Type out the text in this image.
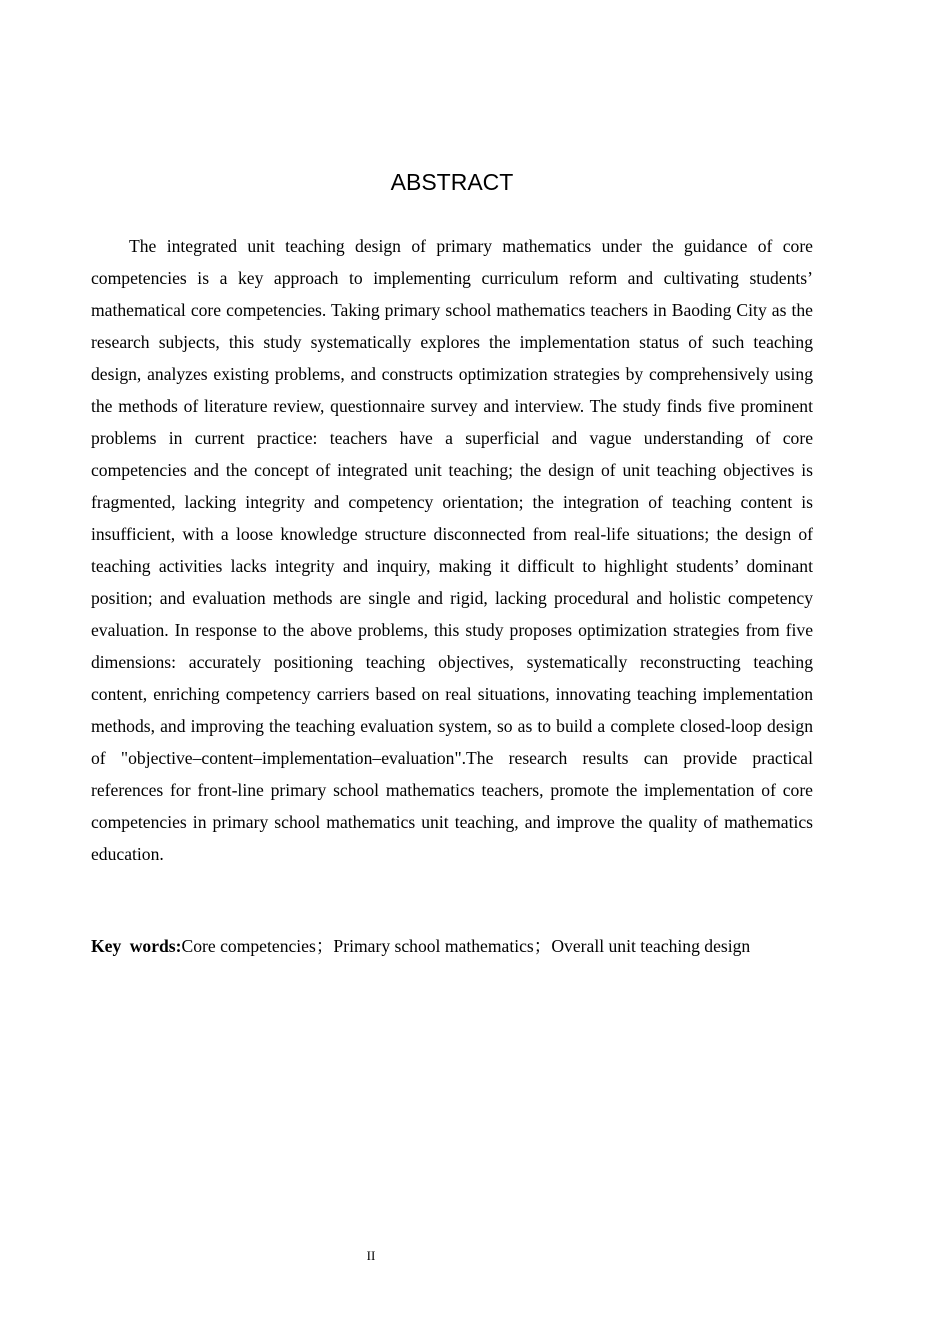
ABSTRACT

The integrated unit teaching design of primary mathematics under the guidance of core competencies is a key approach to implementing curriculum reform and cultivating students’ mathematical core competencies. Taking primary school mathematics teachers in Baoding City as the research subjects, this study systematically explores the implementation status of such teaching design, analyzes existing problems, and constructs optimization strategies by comprehensively using the methods of literature review, questionnaire survey and interview. The study finds five prominent problems in current practice: teachers have a superficial and vague understanding of core competencies and the concept of integrated unit teaching; the design of unit teaching objectives is fragmented, lacking integrity and competency orientation; the integration of teaching content is insufficient, with a loose knowledge structure disconnected from real-life situations; the design of teaching activities lacks integrity and inquiry, making it difficult to highlight students’ dominant position; and evaluation methods are single and rigid, lacking procedural and holistic competency evaluation. In response to the above problems, this study proposes optimization strategies from five dimensions: accurately positioning teaching objectives, systematically reconstructing teaching content, enriching competency carriers based on real situations, innovating teaching implementation methods, and improving the teaching evaluation system, so as to build a complete closed-loop design of "objective–content–implementation–evaluation".The research results can provide practical references for front-line primary school mathematics teachers, promote the implementation of core competencies in primary school mathematics unit teaching, and improve the quality of mathematics education.

Key words:Core competencies；Primary school mathematics；Overall unit teaching design

II
